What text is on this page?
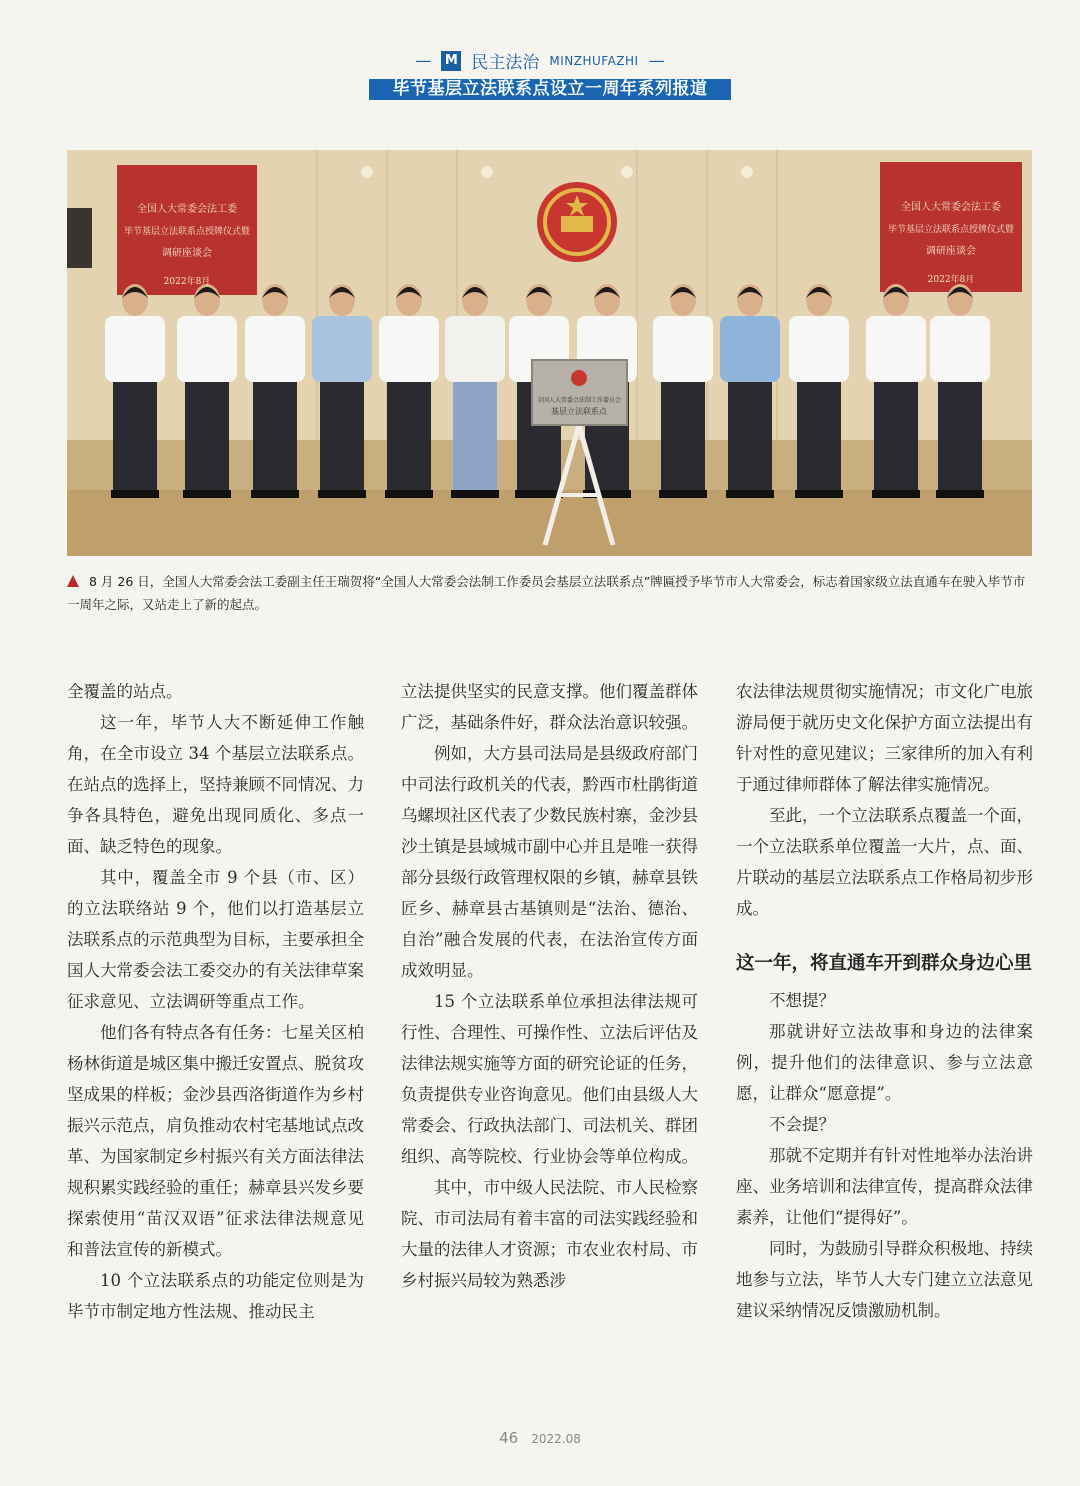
— M 民主法治 MINZHUFAZHI —
毕节基层立法联系点设立一周年系列报道
全国人大常委会法制工作委员会
基层立法联系点
全国人大常委会法工委
毕节基层立法联系点授牌仪式暨
调研座谈会
2022年8月
全国人大常委会法工委
毕节基层立法联系点授牌仪式暨
调研座谈会
2022年8月
8 月 26 日，全国人大常委会法工委副主任王瑞贺将“全国人大常委会法制工作委员会基层立法联系点”牌匾授予毕节市人大常委会，标志着国家级立法直通车在驶入毕节市一周年之际，又站走上了新的起点。

全覆盖的站点。

这一年，毕节人大不断延伸工作触角，在全市设立 34 个基层立法联系点。在站点的选择上，坚持兼顾不同情况、力争各具特色，避免出现同质化、多点一面、缺乏特色的现象。

其中，覆盖全市 9 个县（市、区）的立法联络站 9 个，他们以打造基层立法联系点的示范典型为目标，主要承担全国人大常委会法工委交办的有关法律草案征求意见、立法调研等重点工作。

他们各有特点各有任务：七星关区柏杨林街道是城区集中搬迁安置点、脱贫攻坚成果的样板；金沙县西洛街道作为乡村振兴示范点，肩负推动农村宅基地试点改革、为国家制定乡村振兴有关方面法律法规积累实践经验的重任；赫章县兴发乡要探索使用“苗汉双语”征求法律法规意见和普法宣传的新模式。

10 个立法联系点的功能定位则是为毕节市制定地方性法规、推动民主

立法提供坚实的民意支撑。他们覆盖群体广泛，基础条件好，群众法治意识较强。

例如，大方县司法局是县级政府部门中司法行政机关的代表，黔西市杜鹃街道乌螺坝社区代表了少数民族村寨，金沙县沙土镇是县域城市副中心并且是唯一获得部分县级行政管理权限的乡镇，赫章县铁匠乡、赫章县古基镇则是“法治、德治、自治”融合发展的代表，在法治宣传方面成效明显。

15 个立法联系单位承担法律法规可行性、合理性、可操作性、立法后评估及法律法规实施等方面的研究论证的任务，负责提供专业咨询意见。他们由县级人大常委会、行政执法部门、司法机关、群团组织、高等院校、行业协会等单位构成。

其中，市中级人民法院、市人民检察院、市司法局有着丰富的司法实践经验和大量的法律人才资源；市农业农村局、市乡村振兴局较为熟悉涉

农法律法规贯彻实施情况；市文化广电旅游局便于就历史文化保护方面立法提出有针对性的意见建议；三家律所的加入有利于通过律师群体了解法律实施情况。

至此，一个立法联系点覆盖一个面，一个立法联系单位覆盖一大片，点、面、片联动的基层立法联系点工作格局初步形成。

这一年，将直通车开到群众身边心里

不想提？

那就讲好立法故事和身边的法律案例，提升他们的法律意识、参与立法意愿，让群众“愿意提”。

不会提？

那就不定期并有针对性地举办法治讲座、业务培训和法律宣传，提高群众法律素养，让他们“提得好”。

同时，为鼓励引导群众积极地、持续地参与立法，毕节人大专门建立立法意见建议采纳情况反馈激励机制。

46 2022.08
